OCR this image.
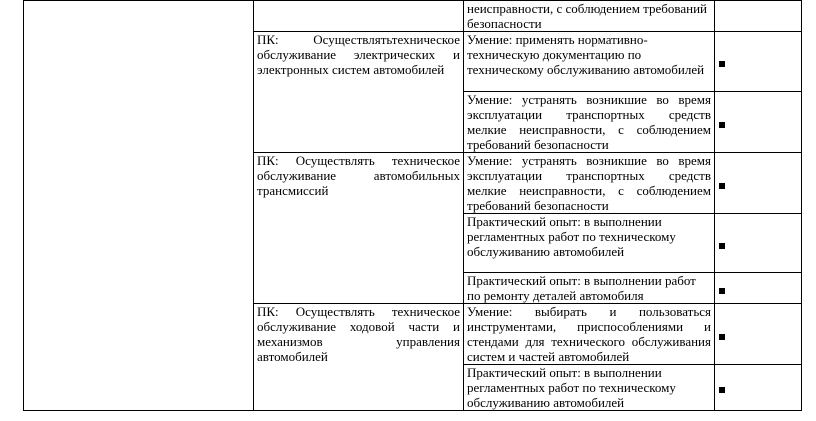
		неисправности, с соблюдением требований безопасности	
	ПК: Осуществлятьтехническое обслуживание электрических и электронных систем автомобилей	Умение: применять нормативно-техническую документацию по техническому обслуживанию автомобилей	
		Умение: устранять возникшие во время эксплуатации транспортных средств мелкие неисправности, с соблюдением требований безопасности	
	ПК: Осуществлять техническое обслуживание автомобильных трансмиссий	Умение: устранять возникшие во время эксплуатации транспортных средств мелкие неисправности, с соблюдением требований безопасности	
		Практический опыт: в выполнении регламентных работ по техническому обслуживанию автомобилей	
		Практический опыт: в выполнении работ по ремонту деталей автомобиля	
	ПК: Осуществлять техническое обслуживание ходовой части и механизмов управления автомобилей	Умение: выбирать и пользоваться инструментами, приспособлениями и стендами для технического обслуживания систем и частей автомобилей	
		Практический опыт: в выполнении регламентных работ по техническому обслуживанию автомобилей	
